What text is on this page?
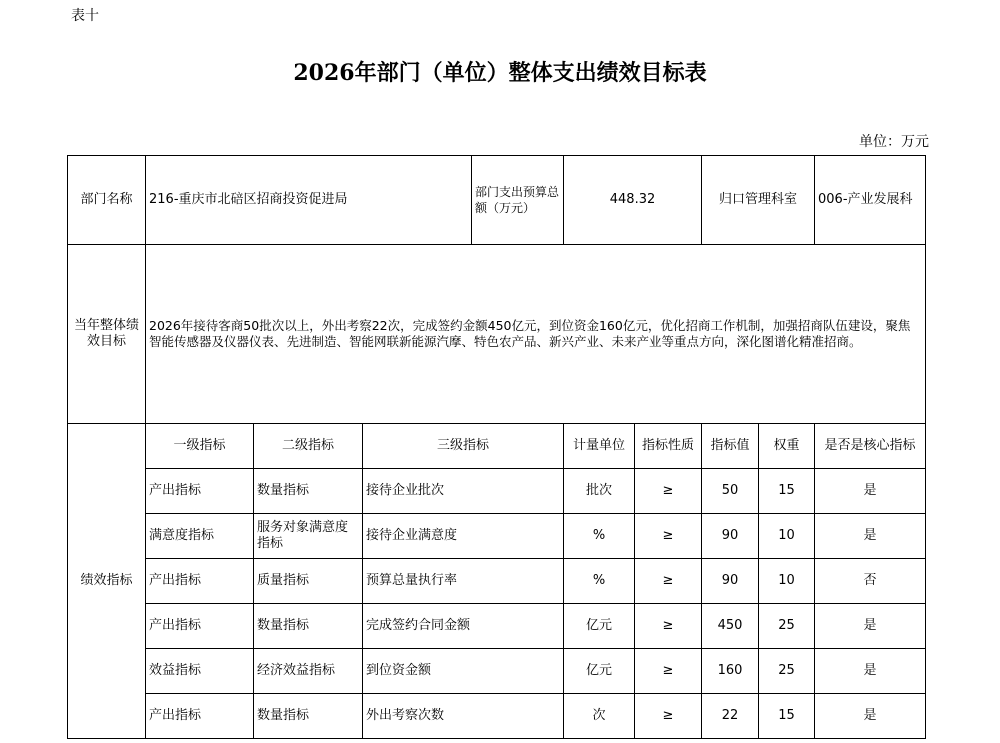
表十
2026年部门（单位）整体支出绩效目标表
单位：万元
部门名称	216-重庆市北碚区招商投资促进局			部门支出预算总额（万元）	448.32		归口管理科室		006-产业发展科
当年整体绩效目标	2026年接待客商50批次以上，外出考察22次，完成签约金额450亿元，到位资金160亿元，优化招商工作机制，加强招商队伍建设，聚焦智能传感器及仪器仪表、先进制造、智能网联新能源汽摩、特色农产品、新兴产业、未来产业等重点方向，深化图谱化精准招商。								
绩效指标	一级指标	二级指标	三级指标		计量单位	指标性质	指标值	权重	是否是核心指标
	产出指标	数量指标	接待企业批次		批次	≥	50	15	是
	满意度指标	服务对象满意度指标	接待企业满意度		%	≥	90	10	是
	产出指标	质量指标	预算总量执行率		%	≥	90	10	否
	产出指标	数量指标	完成签约合同金额		亿元	≥	450	25	是
	效益指标	经济效益指标	到位资金额		亿元	≥	160	25	是
	产出指标	数量指标	外出考察次数		次	≥	22	15	是
